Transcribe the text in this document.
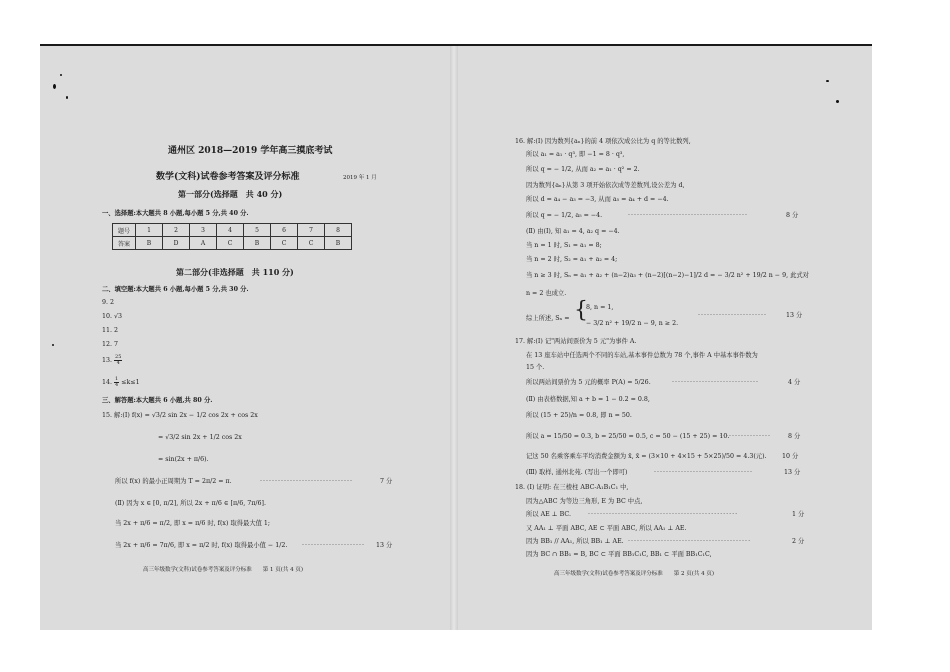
通州区 2018—2019 学年高三摸底考试
数学(文科)试卷参考答案及评分标准	2019 年 1 月
第一部分(选择题　共 40 分)
一、选择题:本大题共 8 小题,每小题 5 分,共 40 分.
题号	1	2	3	4	5	6	7	8
答案	B	D	A	C	B	C	C	B
第二部分(非选择题　共 110 分)
二、填空题:本大题共 6 小题,每小题 5 分,共 30 分.
9. 2
10. √3
11. 2
12. 7
13. $\frac{25}{4}$
14. $\frac{1}{4} \le k\le 1$
三、解答题:本大题共 6 小题,共 80 分.
15. 解:(Ⅰ) f(x) = √3/2 sin 2x − 1/2 cos 2x + cos 2x
= √3/2 sin 2x + 1/2 cos 2x
= sin(2x + π/6).
所以 f(x) 的最小正周期为 T = 2π/2 = π.	·······························	7 分
(Ⅱ) 因为 x ∈ [0, π/2], 所以 2x + π/6 ∈ [π/6, 7π/6].
当 2x + π/6 = π/2, 即 x = π/6 时, f(x) 取得最大值 1;
当 2x + π/6 = 7π/6, 即 x = π/2 时, f(x) 取得最小值 − 1/2. ····················· 13 分
高三年级数学(文科)试卷参考答案及评分标准　　第 1 页(共 4 页)
16. 解:(Ⅰ) 因为数列{aₙ}的前 4 项依次成公比为 q 的等比数列,
所以 a₁ = a₁ · q³, 即 −1 = 8 · q³,
所以 q = − 1/2, 从而 a₂ = a₁ · q² = 2.
因为数列{aₙ}从第 3 项开始依次成等差数列,设公差为 d,
所以 d = a₄ − a₃ = −3, 从而 a₅ = a₄ + d = −4.
所以 q = − 1/2, a₅ = −4.	········································	8 分
(Ⅱ) 由(Ⅰ), 知 a₁ = 4, a₂ q = −4.
当 n = 1 时, S₁ = a₁ = 8;
当 n = 2 时, S₂ = a₁ + a₂ = 4;
当 n ≥ 3 时, Sₙ = a₁ + a₂ + (n−2)a₃ + (n−2)[(n−2)−1]/2 d = − 3/2 n² + 19/2 n − 9, 此式对
n = 2 也成立.
综上所述, Sₙ = {
8, n = 1,
− 3/2 n² + 19/2 n − 9, n ≥ 2.
·······················	13 分
17. 解:(Ⅰ) 记"两站间票价为 5 元"为事件 A.
在 13 座车站中任选两个不同的车站,基本事件总数为 78 个,事件 A 中基本事件数为
15 个.
所以两站间票价为 5 元的概率 P(A) = 5/26.	·····························	4 分
(Ⅱ) 由表格数据,知 a + b = 1 − 0.2 = 0.8,
所以 (15 + 25)/n = 0.8, 即 n = 50.
所以 a = 15/50 = 0.3, b = 25/50 = 0.5, c = 50 − (15 + 25) = 10.
·················	8 分
记这 50 名乘客乘车平均消费金额为 x̄, x̄ = (3×10 + 4×15 + 5×25)/50 = 4.3(元). 10 分
(Ⅲ) 取样, 通州北苑. (写出一个即可)	·································	13 分
18. (Ⅰ) 证明: 在三棱柱 ABC-A₁B₁C₁ 中,
因为△ABC 为等边三角形, E 为 BC 中点,
所以 AE ⊥ BC.	··················································	1 分
又 AA₁ ⊥ 平面 ABC, AE ⊂ 平面 ABC, 所以 AA₁ ⊥ AE.
因为 BB₁ // AA₁, 所以 BB₁ ⊥ AE. ·········································	2 分
因为 BC ∩ BB₁ = B, BC ⊂ 平面 BB₁C₁C, BB₁ ⊂ 平面 BB₁C₁C,
高三年级数学(文科)试卷参考答案及评分标准　　第 2 页(共 4 页)
